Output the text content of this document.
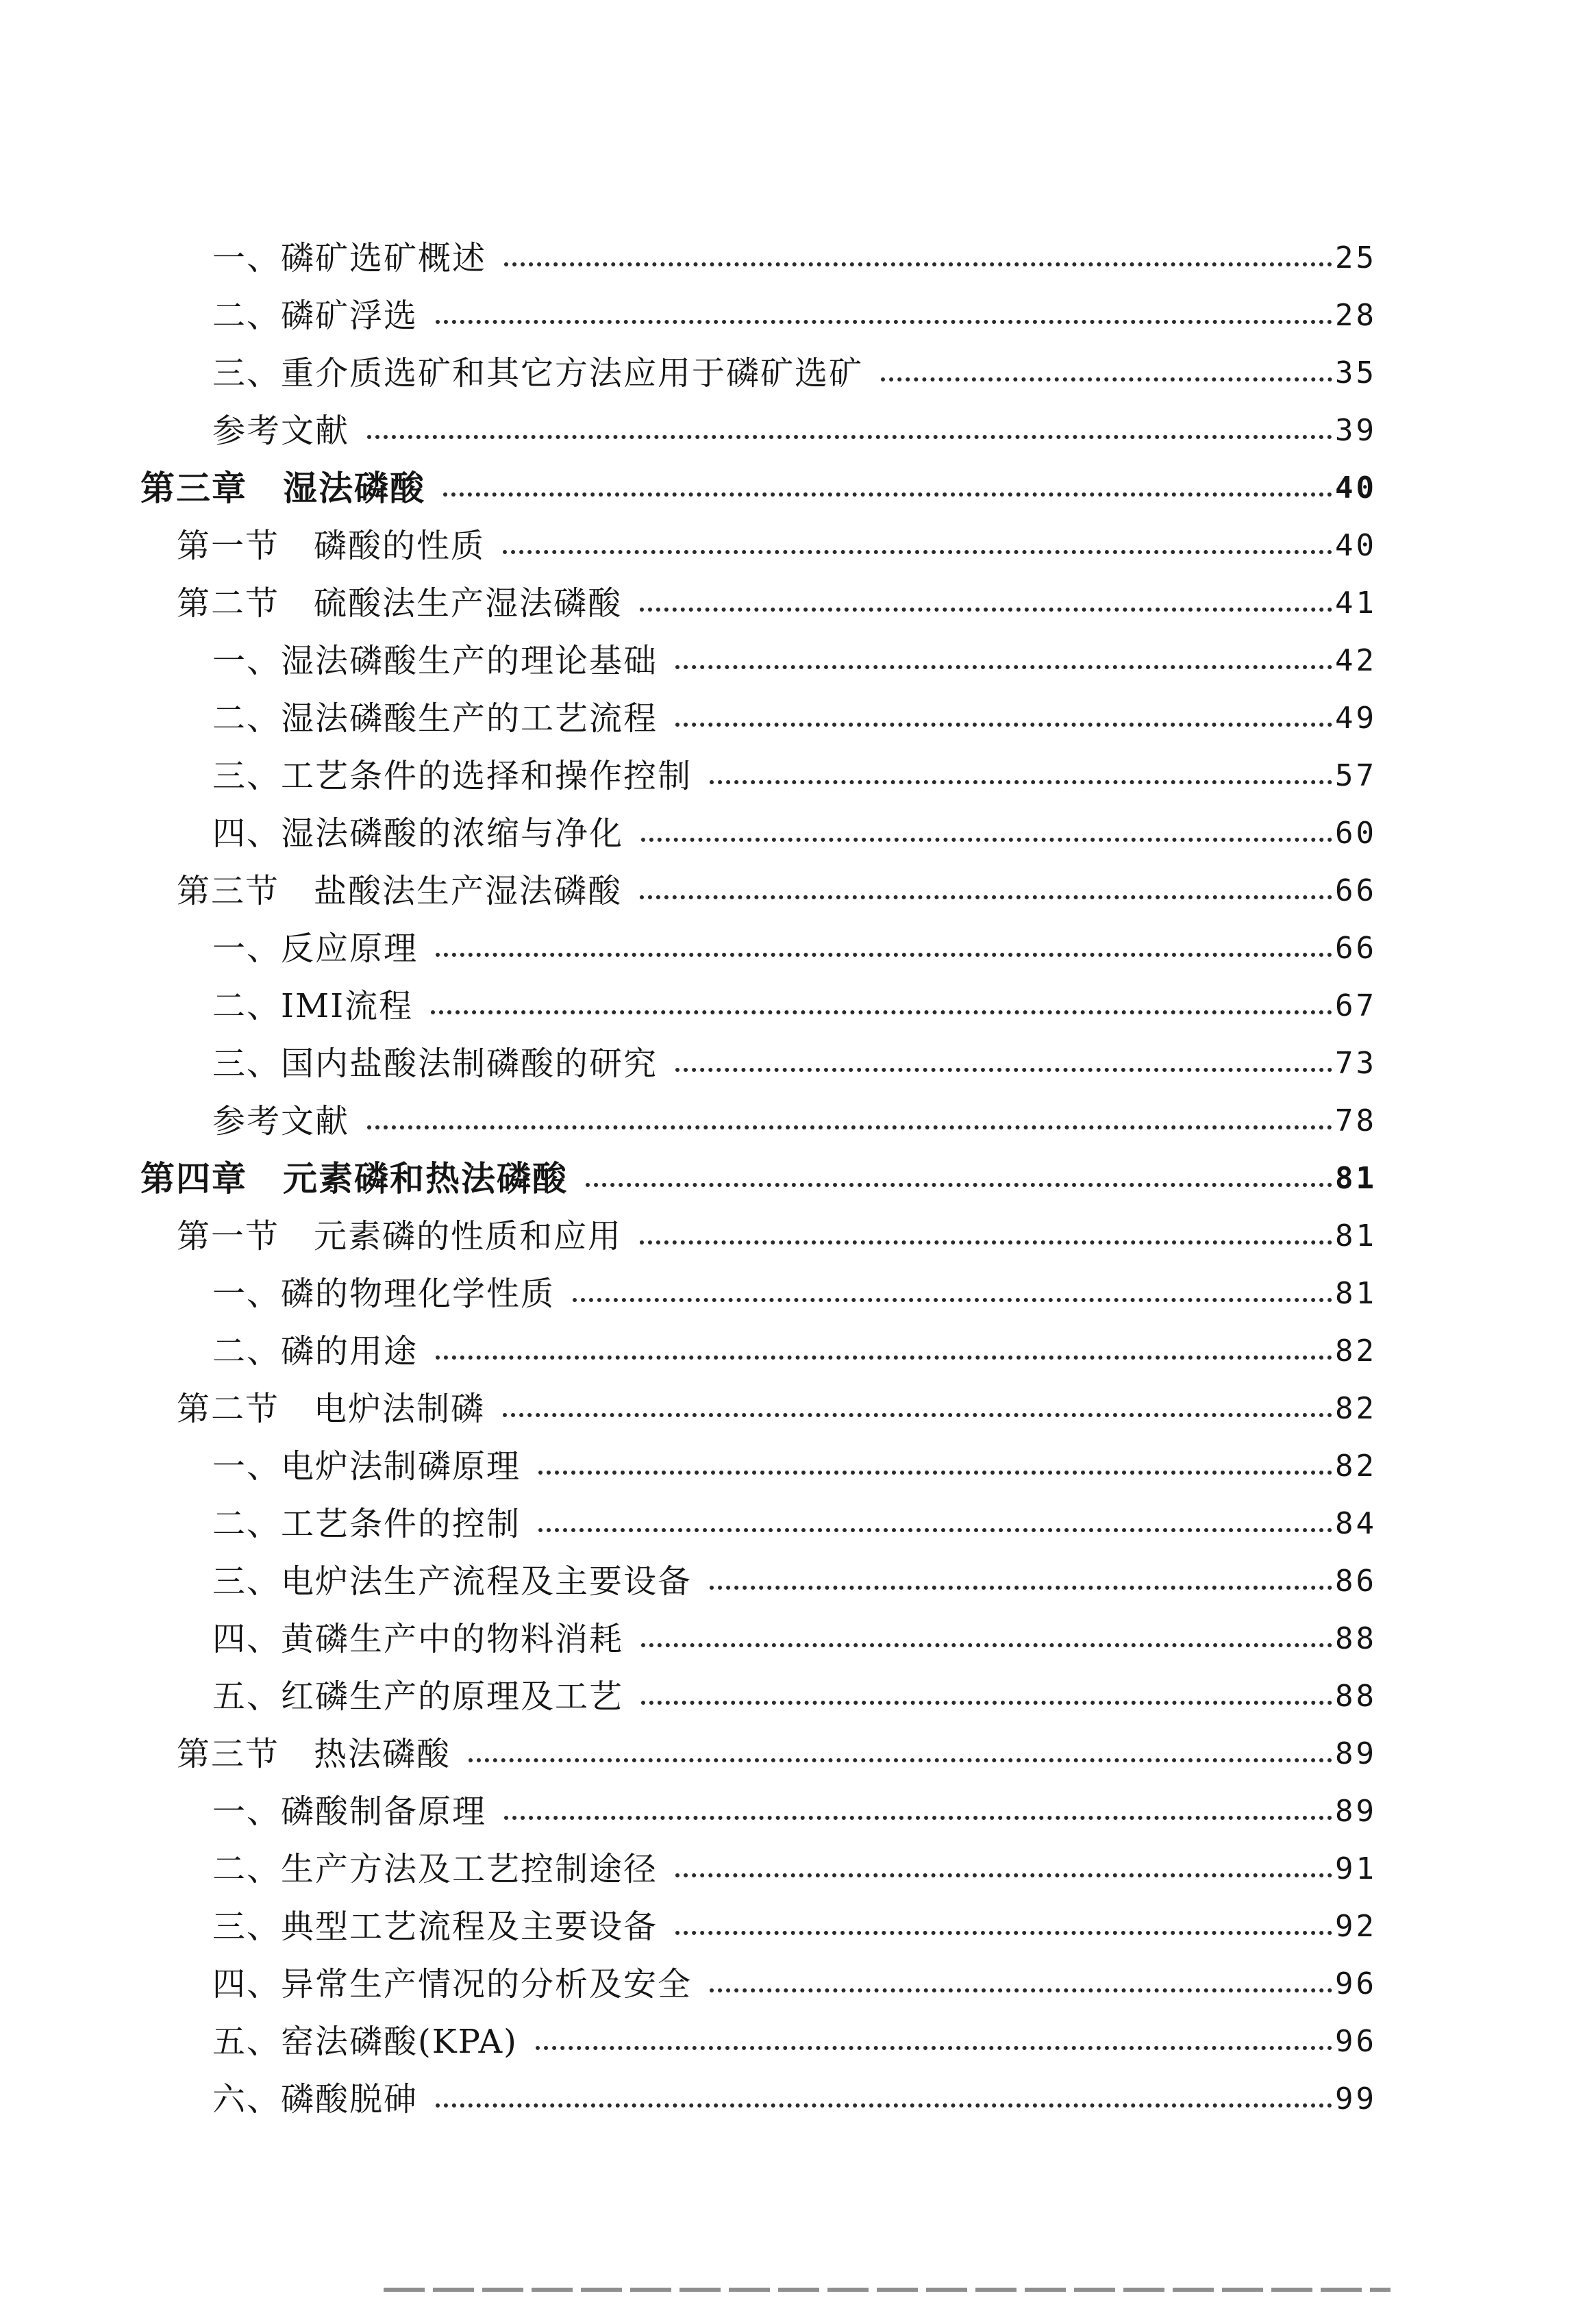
一、磷矿选矿概述	25
二、磷矿浮选	28
三、重介质选矿和其它方法应用于磷矿选矿	35
参考文献	39
第三章　湿法磷酸	40
第一节　磷酸的性质	40
第二节　硫酸法生产湿法磷酸	41
一、湿法磷酸生产的理论基础	42
二、湿法磷酸生产的工艺流程	49
三、工艺条件的选择和操作控制	57
四、湿法磷酸的浓缩与净化	60
第三节　盐酸法生产湿法磷酸	66
一、反应原理	66
二、IMI流程	67
三、国内盐酸法制磷酸的研究	73
参考文献	78
第四章　元素磷和热法磷酸	81
第一节　元素磷的性质和应用	81
一、磷的物理化学性质	81
二、磷的用途	82
第二节　电炉法制磷	82
一、电炉法制磷原理	82
二、工艺条件的控制	84
三、电炉法生产流程及主要设备	86
四、黄磷生产中的物料消耗	88
五、红磷生产的原理及工艺	88
第三节　热法磷酸	89
一、磷酸制备原理	89
二、生产方法及工艺控制途径	91
三、典型工艺流程及主要设备	92
四、异常生产情况的分析及安全	96
五、窑法磷酸(KPA)	96
六、磷酸脱砷	99
